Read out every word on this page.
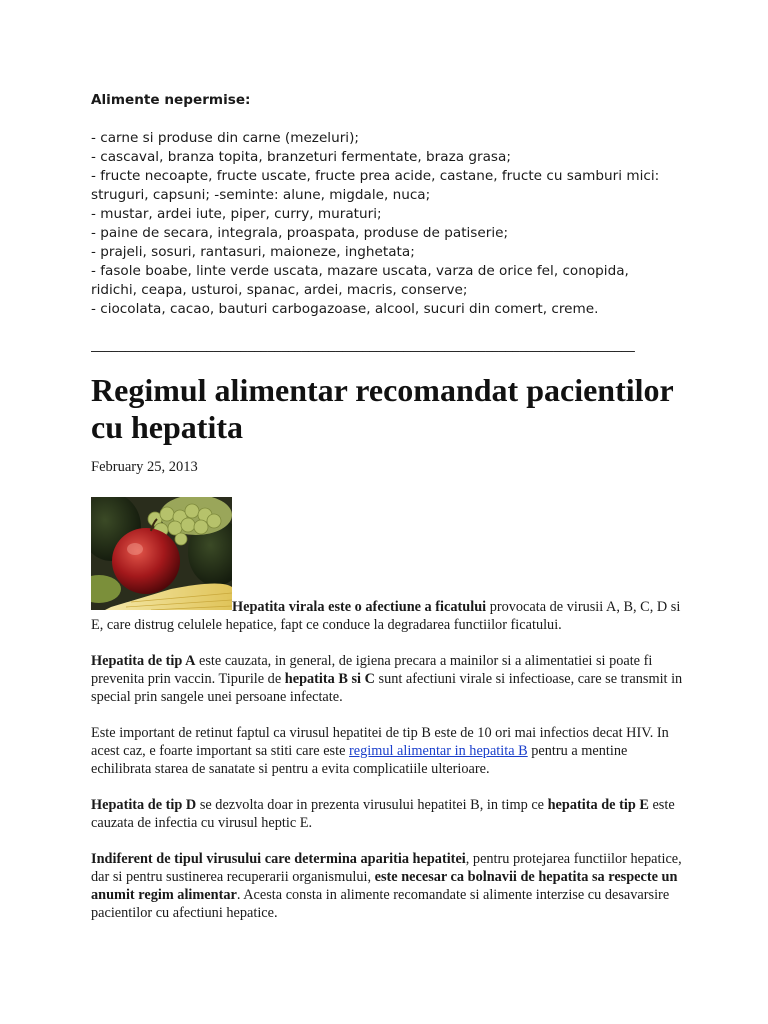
Alimente nepermise:
- carne si produse din carne (mezeluri);
- cascaval, branza topita, branzeturi fermentate, braza grasa;
- fructe necoapte, fructe uscate, fructe prea acide, castane, fructe cu samburi mici:
struguri, capsuni; -seminte: alune, migdale, nuca;
- mustar, ardei iute, piper, curry, muraturi;
- paine de secara, integrala, proaspata, produse de patiserie;
- prajeli, sosuri, rantasuri, maioneze, inghetata;
- fasole boabe, linte verde uscata, mazare uscata, varza de orice fel, conopida,
ridichi, ceapa, usturoi, spanac, ardei, macris, conserve;
- ciocolata, cacao, bauturi carbogazoase, alcool, sucuri din comert, creme.
________________________________________________________________________________
Regimul alimentar recomandat pacientilor cu hepatita
February 25, 2013

Hepatita virala este o afectiune a ficatului provocata de virusii A, B, C, D si E, care distrug celulele hepatice, fapt ce conduce la degradarea functiilor ficatului.

Hepatita de tip A este cauzata, in general, de igiena precara a mainilor si a alimentatiei si poate fi prevenita prin vaccin. Tipurile de hepatita B si C sunt afectiuni virale si infectioase, care se transmit in special prin sangele unei persoane infectate.

Este important de retinut faptul ca virusul hepatitei de tip B este de 10 ori mai infectios decat HIV. In acest caz, e foarte important sa stiti care este regimul alimentar in hepatita B pentru a mentine echilibrata starea de sanatate si pentru a evita complicatiile ulterioare.

Hepatita de tip D se dezvolta doar in prezenta virusului hepatitei B, in timp ce hepatita de tip E este cauzata de infectia cu virusul heptic E.

Indiferent de tipul virusului care determina aparitia hepatitei, pentru protejarea functiilor hepatice, dar si pentru sustinerea recuperarii organismului, este necesar ca bolnavii de hepatita sa respecte un anumit regim alimentar. Acesta consta in alimente recomandate si alimente interzise cu desavarsire pacientilor cu afectiuni hepatice.
